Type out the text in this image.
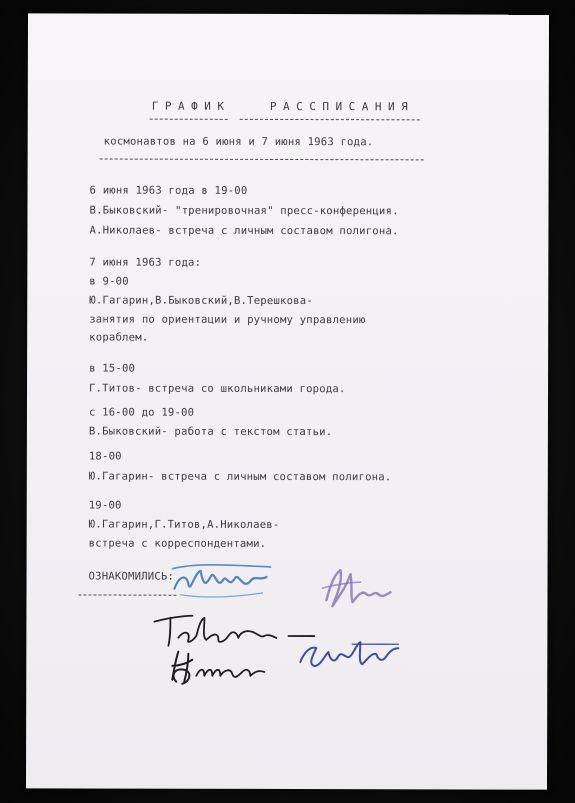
ГРАФИК   РАССПИСАНИЯ
космонавтов на 6 июня и 7 июня 1963 года.
6 июня 1963 года в 19-00
В.Быковский- "тренировочная" пресс-конференция.
А.Николаев- встреча с личным составом полигона.
7 июня 1963 года:
в 9-00
Ю.Гагарин,В.Быковский,В.Терешкова-
занятия по ориентации и ручному управлению
кораблем.
в 15-00
Г.Титов- встреча со школьниками города.
с 16-00 до 19-00
В.Быковский- работа с текстом статьи.
18-00
Ю.Гагарин- встреча с личным составом полигона.
19-00
Ю.Гагарин,Г.Титов,А.Николаев-
встреча с корреспондентами.
ОЗНАКОМИЛИСЬ:
